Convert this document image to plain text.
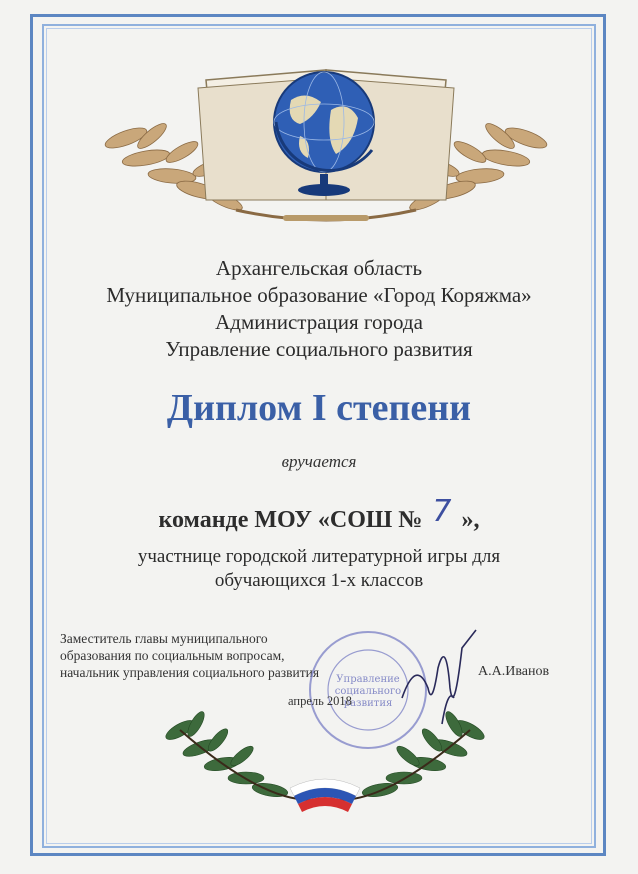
Архангельская область
Муниципальное образование «Город Коряжма»
Администрация города
Управление социального развития
Диплом I степени
вручается
команде МОУ «СОШ № 7 »,
участнице городской литературной игры для
обучающихся 1-х классов
Заместитель главы муниципального
образования по социальным вопросам,
начальник управления социального развития	Управление
социального
развития
А.А.Иванов
апрель 2018
